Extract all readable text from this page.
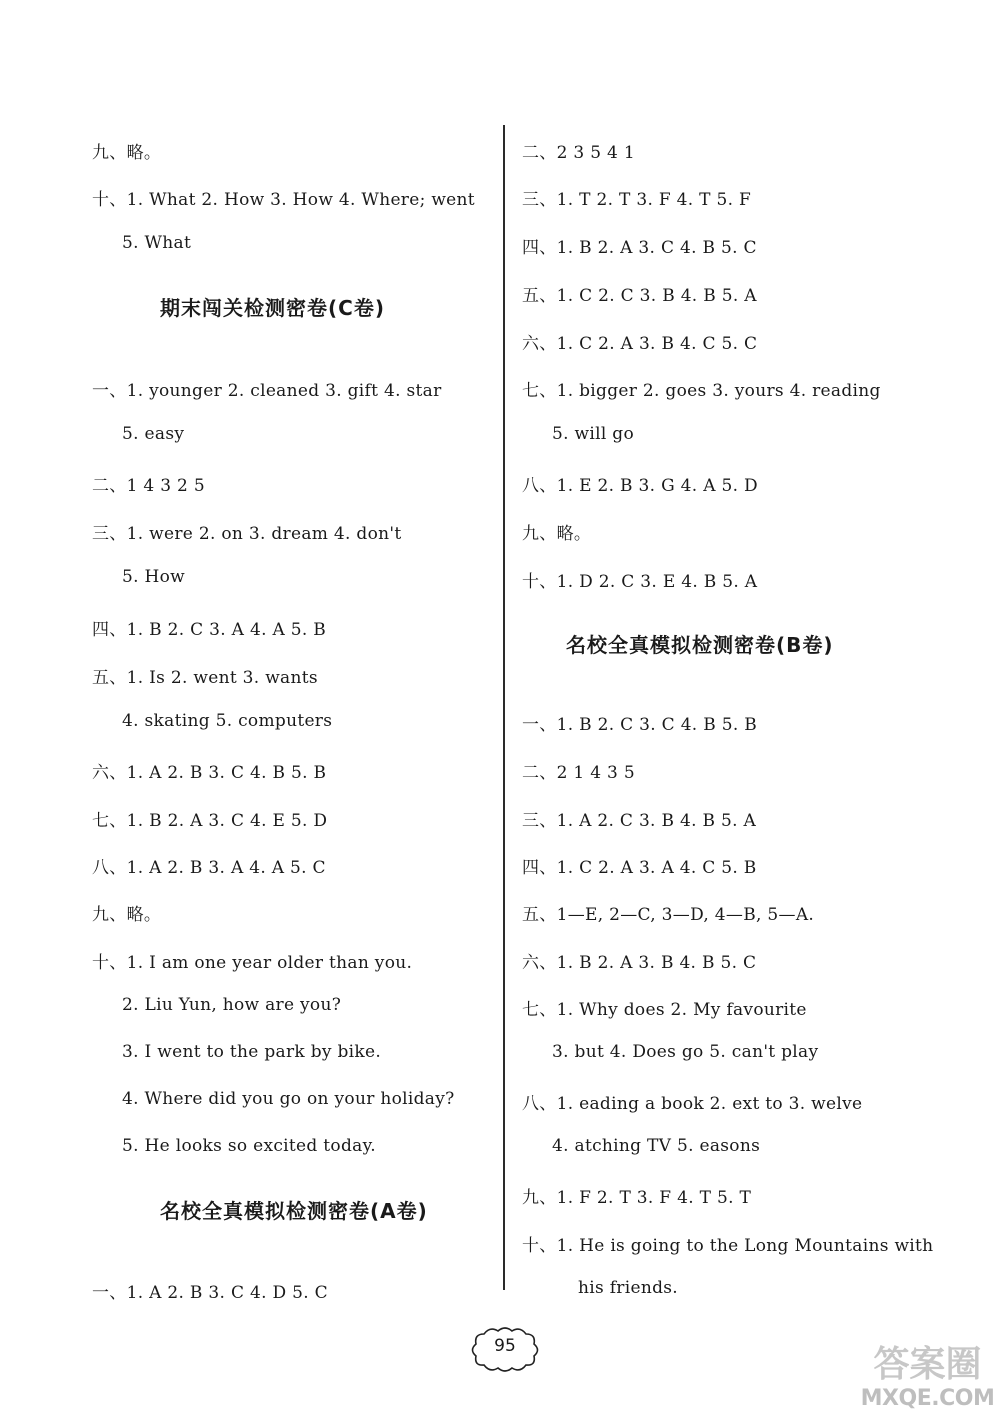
九、略。
十、1. What 2. How 3. How 4. Where; went
5. What
期末闯关检测密卷(C卷)
一、1. younger 2. cleaned 3. gift 4. star
5. easy
二、1 4 3 2 5
三、1. were 2. on 3. dream 4. don't
5. How
四、1. B 2. C 3. A 4. A 5. B
五、1. Is 2. went 3. wants
4. skating 5. computers
六、1. A 2. B 3. C 4. B 5. B
七、1. B 2. A 3. C 4. E 5. D
八、1. A 2. B 3. A 4. A 5. C
九、略。
十、1. I am one year older than you.
2. Liu Yun, how are you?
3. I went to the park by bike.
4. Where did you go on your holiday?
5. He looks so excited today.
名校全真模拟检测密卷(A卷)
一、1. A 2. B 3. C 4. D 5. C
二、2 3 5 4 1
三、1. T 2. T 3. F 4. T 5. F
四、1. B 2. A 3. C 4. B 5. C
五、1. C 2. C 3. B 4. B 5. A
六、1. C 2. A 3. B 4. C 5. C
七、1. bigger 2. goes 3. yours 4. reading
5. will go
八、1. E 2. B 3. G 4. A 5. D
九、略。
十、1. D 2. C 3. E 4. B 5. A
名校全真模拟检测密卷(B卷)
一、1. B 2. C 3. C 4. B 5. B
二、2 1 4 3 5
三、1. A 2. C 3. B 4. B 5. A
四、1. C 2. A 3. A 4. C 5. B
五、1—E, 2—C, 3—D, 4—B, 5—A.
六、1. B 2. A 3. B 4. B 5. C
七、1. Why does 2. My favourite
3. but 4. Does go 5. can't play
八、1. eading a book 2. ext to 3. welve
4. atching TV 5. easons
九、1. F 2. T 3. F 4. T 5. T
十、1. He is going to the Long Mountains with
his friends.
95	答案圈
MXQE.COM
